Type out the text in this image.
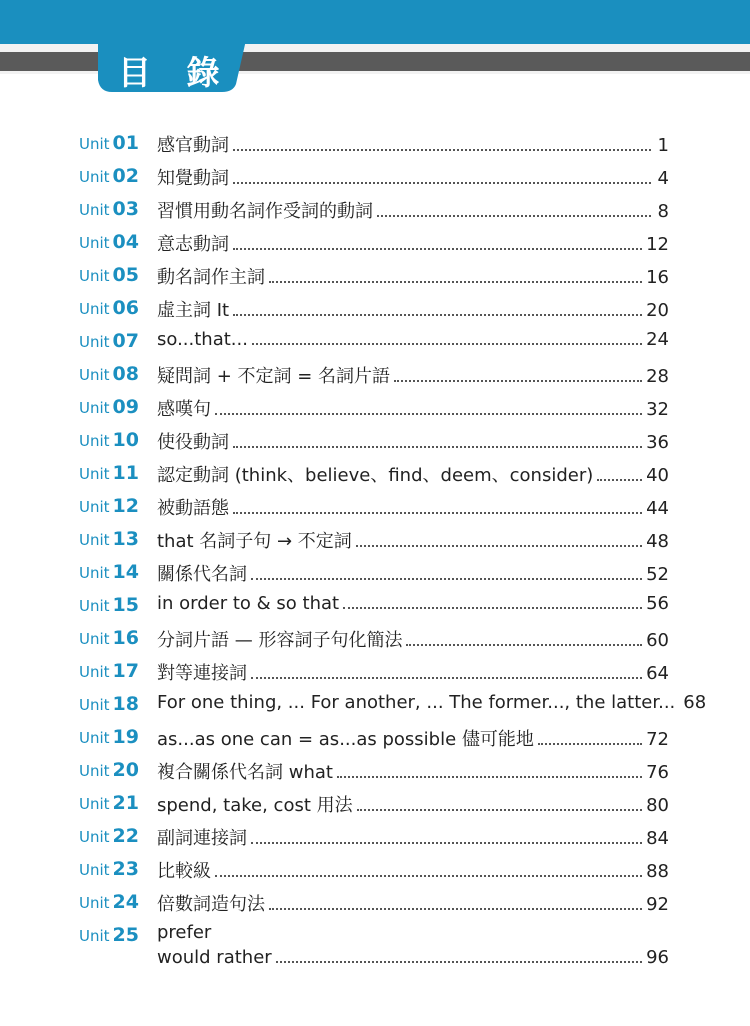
目 錄
Unit 01 感官動詞	1
Unit 02 知覺動詞	4
Unit 03 習慣用動名詞作受詞的動詞	8
Unit 04 意志動詞	12
Unit 05 動名詞作主詞	16
Unit 06 虛主詞 It	20
Unit 07 so...that...	24
Unit 08 疑問詞 + 不定詞 = 名詞片語	28
Unit 09 感嘆句	32
Unit 10 使役動詞	36
Unit 11 認定動詞 (think、believe、find、deem、consider)	40
Unit 12 被動語態	44
Unit 13 that 名詞子句 → 不定詞	48
Unit 14 關係代名詞	52
Unit 15 in order to & so that	56
Unit 16 分詞片語 — 形容詞子句化簡法	60
Unit 17 對等連接詞	64
Unit 18 For one thing, ... For another, ... The former..., the latter... 68
Unit 19 as...as one can = as...as possible 儘可能地	72
Unit 20 複合關係代名詞 what	76
Unit 21 spend, take, cost 用法	80
Unit 22 副詞連接詞	84
Unit 23 比較級	88
Unit 24 倍數詞造句法	92
Unit 25 prefer
would rather	96
